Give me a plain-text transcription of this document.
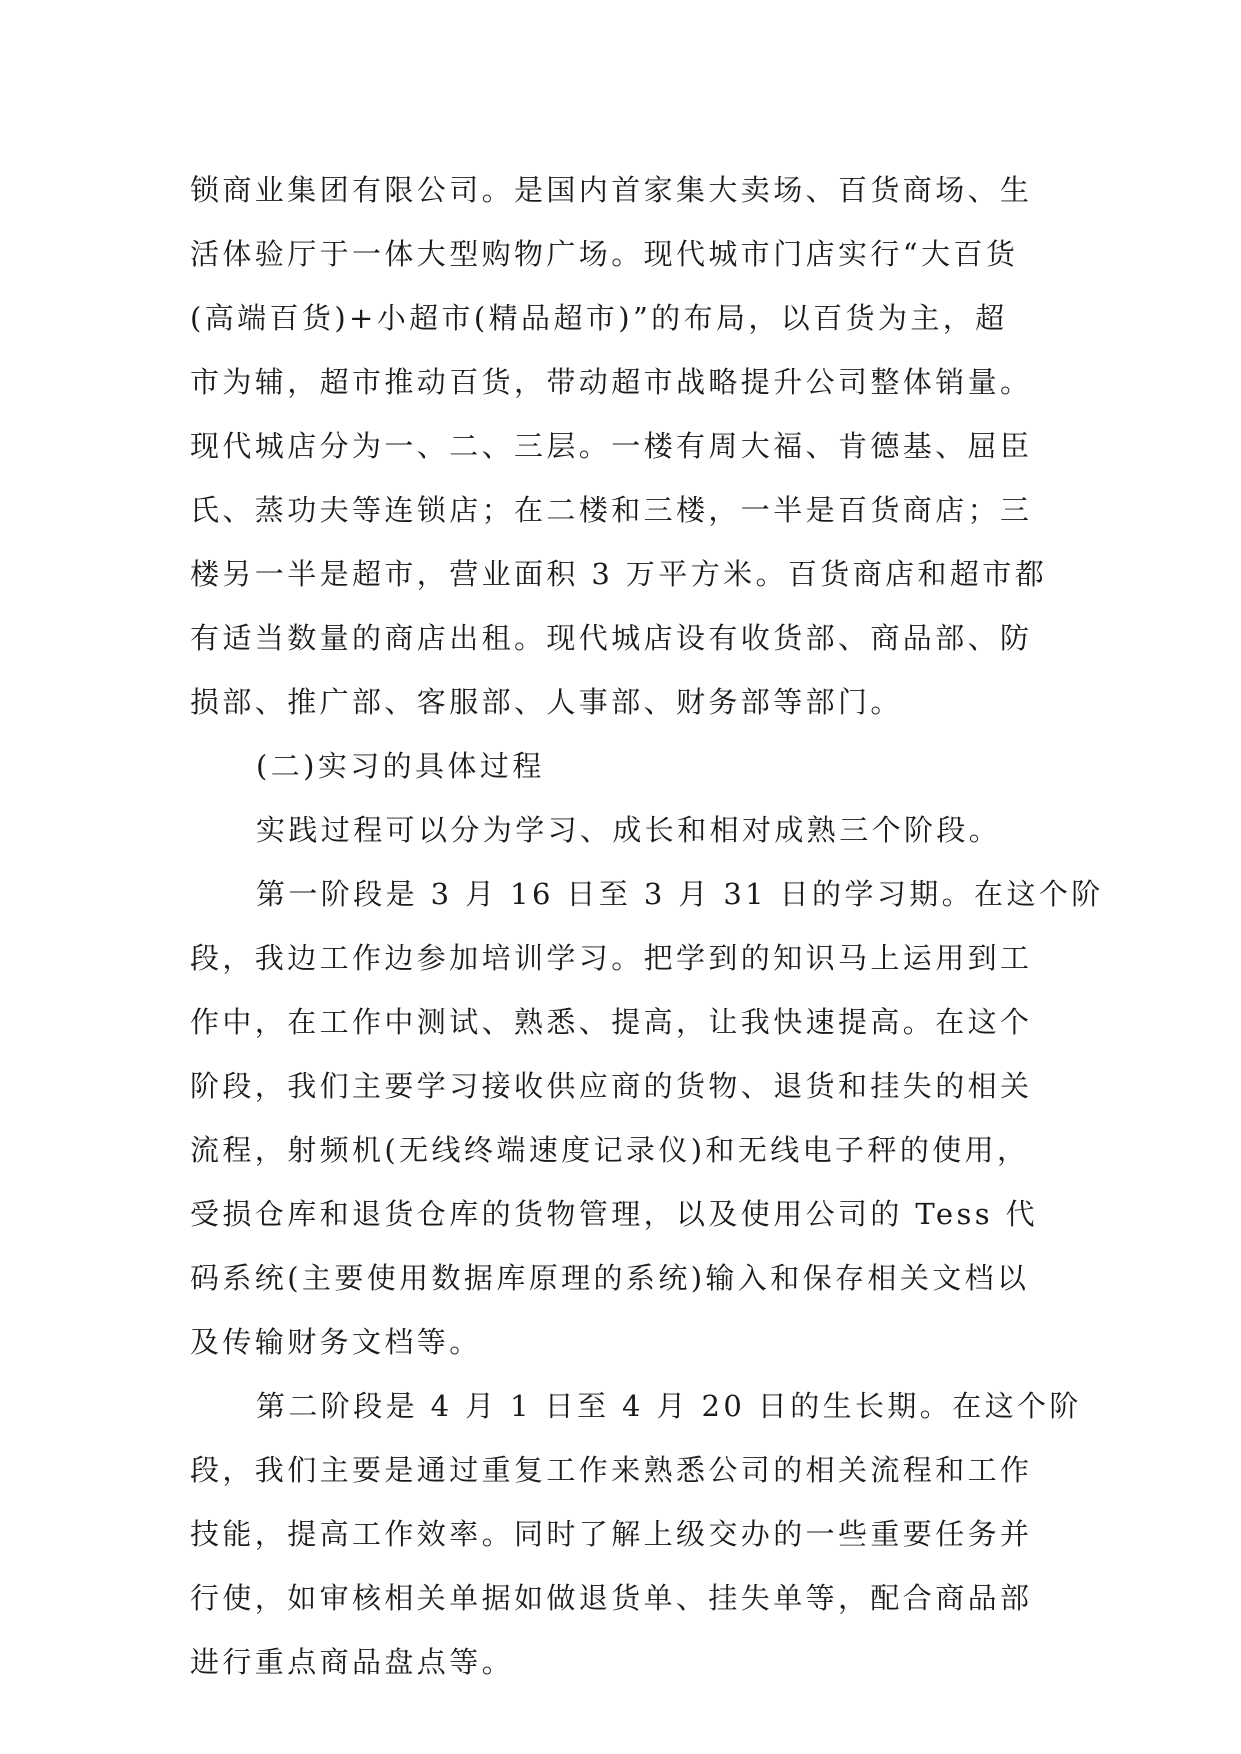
锁商业集团有限公司。是国内首家集大卖场、百货商场、生
活体验厅于一体大型购物广场。现代城市门店实行“大百货
(高端百货)+小超市(精品超市)”的布局，以百货为主，超
市为辅，超市推动百货，带动超市战略提升公司整体销量。
现代城店分为一、二、三层。一楼有周大福、肯德基、屈臣
氏、蒸功夫等连锁店；在二楼和三楼，一半是百货商店；三
楼另一半是超市，营业面积 3 万平方米。百货商店和超市都
有适当数量的商店出租。现代城店设有收货部、商品部、防
损部、推广部、客服部、人事部、财务部等部门。
(二)实习的具体过程
实践过程可以分为学习、成长和相对成熟三个阶段。
第一阶段是 3 月 16 日至 3 月 31 日的学习期。在这个阶
段，我边工作边参加培训学习。把学到的知识马上运用到工
作中，在工作中测试、熟悉、提高，让我快速提高。在这个
阶段，我们主要学习接收供应商的货物、退货和挂失的相关
流程，射频机(无线终端速度记录仪)和无线电子秤的使用，
受损仓库和退货仓库的货物管理，以及使用公司的 Tess 代
码系统(主要使用数据库原理的系统)输入和保存相关文档以
及传输财务文档等。
第二阶段是 4 月 1 日至 4 月 20 日的生长期。在这个阶
段，我们主要是通过重复工作来熟悉公司的相关流程和工作
技能，提高工作效率。同时了解上级交办的一些重要任务并
行使，如审核相关单据如做退货单、挂失单等，配合商品部
进行重点商品盘点等。
